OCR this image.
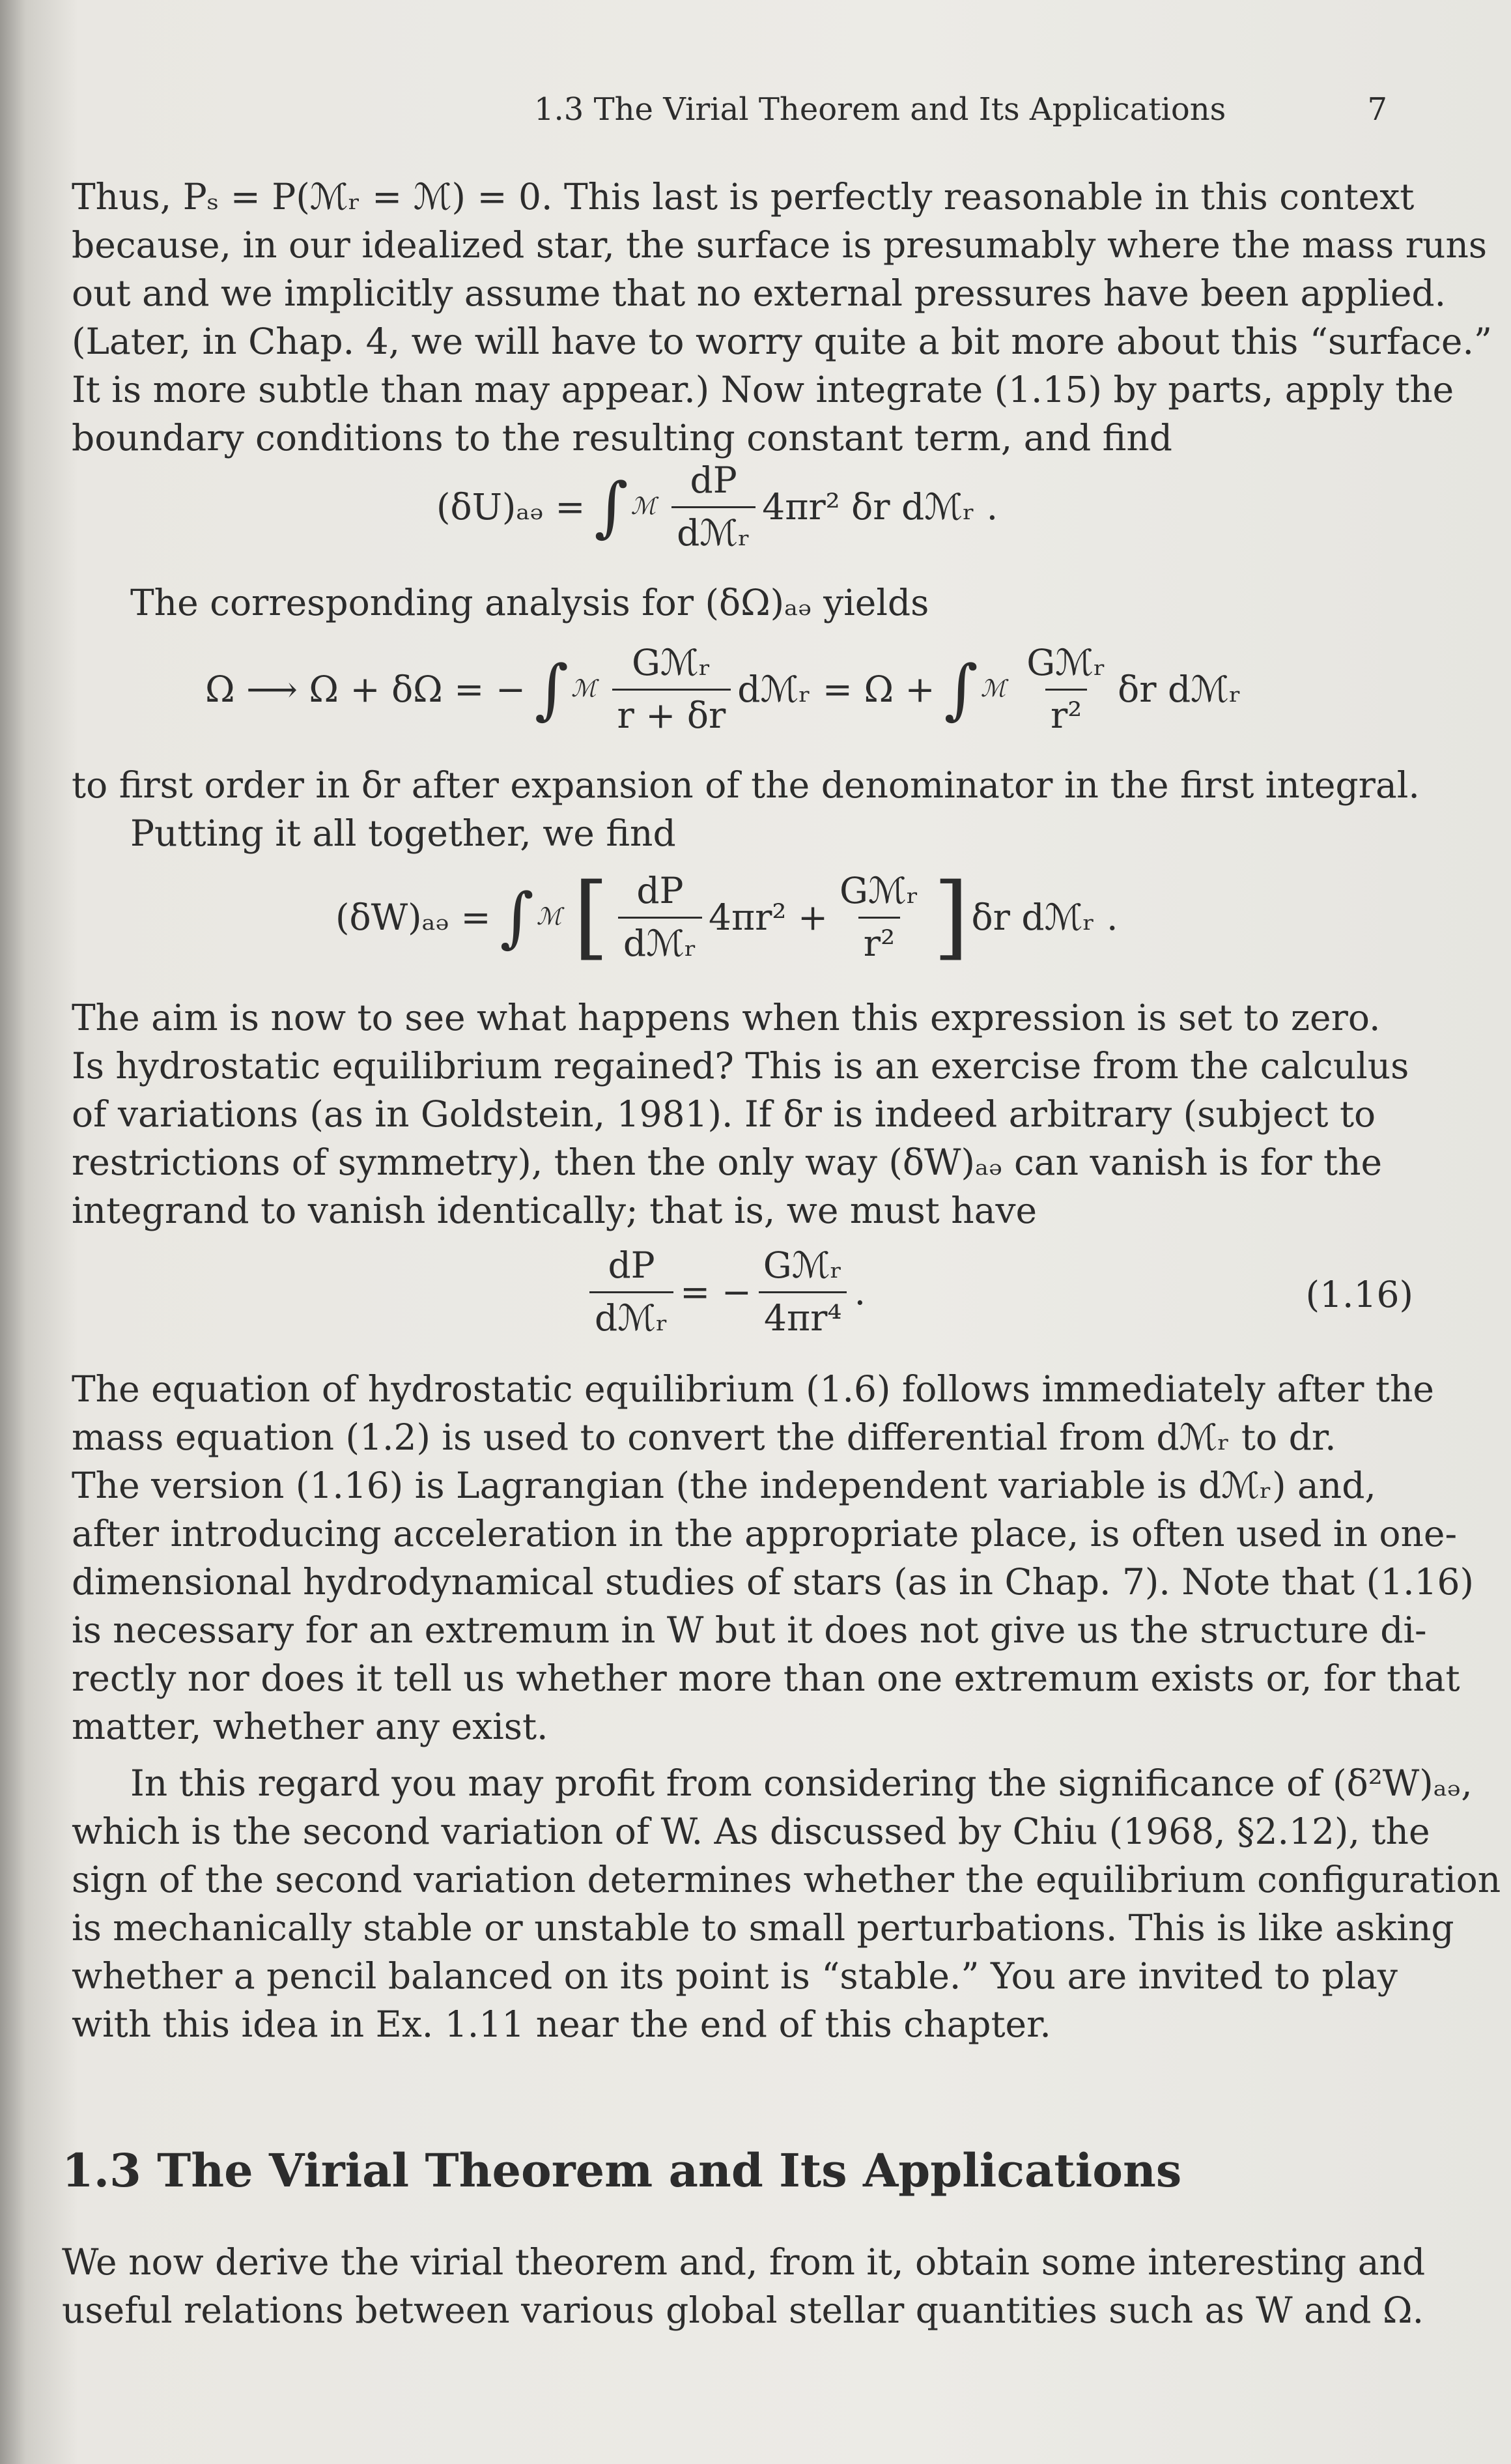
1.3 The Virial Theorem and Its Applications	7
Thus, Pₛ = P(ℳᵣ = ℳ) = 0. This last is perfectly reasonable in this context
because, in our idealized star, the surface is presumably where the mass runs
out and we implicitly assume that no external pressures have been applied.
(Later, in Chap. 4, we will have to worry quite a bit more about this “surface.”
It is more subtle than may appear.) Now integrate (1.15) by parts, apply the
boundary conditions to the resulting constant term, and find
(δU)ₐₔ = ∫ ℳ $\frac{dP}{\text{dℳᵣ}} 4\pi r^2$ δr dℳᵣ .
The corresponding analysis for (δΩ)ₐₔ yields
Ω ⟶ Ω + δΩ = − ∫ ℳ $\frac{\text{Gℳᵣ}}{r + \delta r}$ dℳᵣ = Ω + ∫ ℳ $\frac{\text{Gℳᵣ}}{\text{r²}}$ δr dℳᵣ
to first order in δr after expansion of the denominator in the first integral.
Putting it all together, we find
(δW)ₐₔ = ∫ ℳ [ $\frac{dP}{\text{dℳᵣ}} 4\pi r^2 + \frac{\text{Gℳᵣ}}{\text{r²}}$ ] δr dℳᵣ .
The aim is now to see what happens when this expression is set to zero.
Is hydrostatic equilibrium regained? This is an exercise from the calculus
of variations (as in Goldstein, 1981). If δr is indeed arbitrary (subject to
restrictions of symmetry), then the only way (δW)ₐₔ can vanish is for the
integrand to vanish identically; that is, we must have
$\frac{dP}{\text{dℳᵣ}}$ = − $\frac{\text{Gℳᵣ}}{\text{4πr⁴}}$ .	(1.16)
The equation of hydrostatic equilibrium (1.6) follows immediately after the
mass equation (1.2) is used to convert the differential from dℳᵣ to dr.
The version (1.16) is Lagrangian (the independent variable is dℳᵣ) and,
after introducing acceleration in the appropriate place, is often used in one-
dimensional hydrodynamical studies of stars (as in Chap. 7). Note that (1.16)
is necessary for an extremum in W but it does not give us the structure di-
rectly nor does it tell us whether more than one extremum exists or, for that
matter, whether any exist.
In this regard you may profit from considering the significance of (δ²W)ₐₔ,
which is the second variation of W. As discussed by Chiu (1968, §2.12), the
sign of the second variation determines whether the equilibrium configuration
is mechanically stable or unstable to small perturbations. This is like asking
whether a pencil balanced on its point is “stable.” You are invited to play
with this idea in Ex. 1.11 near the end of this chapter.
1.3 The Virial Theorem and Its Applications
We now derive the virial theorem and, from it, obtain some interesting and
useful relations between various global stellar quantities such as W and Ω.
